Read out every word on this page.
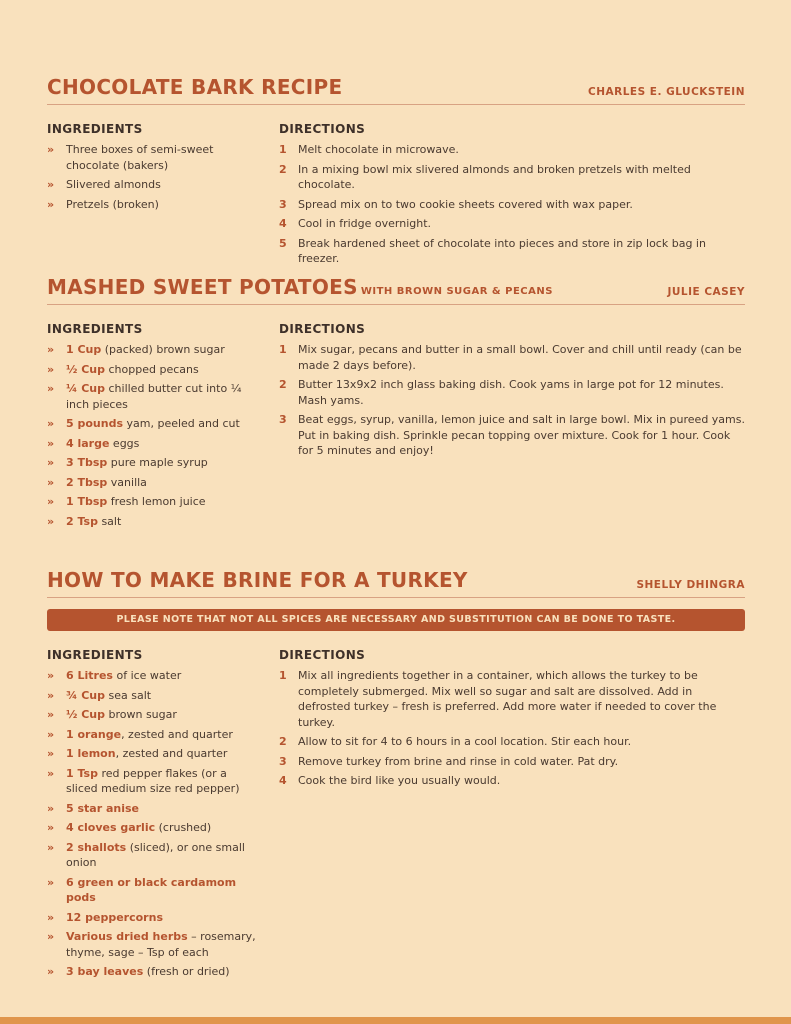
CHOCOLATE BARK RECIPE	CHARLES E. GLUCKSTEIN
INGREDIENTS
» Three boxes of semi-sweet chocolate (bakers)
» Slivered almonds
» Pretzels (broken)
DIRECTIONS
1 Melt chocolate in microwave.
2 In a mixing bowl mix slivered almonds and broken pretzels with melted chocolate.
3 Spread mix on to two cookie sheets covered with wax paper.
4 Cool in fridge overnight.
5 Break hardened sheet of chocolate into pieces and store in zip lock bag in freezer.
MASHED SWEET POTATOES WITH BROWN SUGAR & PECANS	JULIE CASEY
INGREDIENTS
» 1 Cup (packed) brown sugar
» ½ Cup chopped pecans
» ¼ Cup chilled butter cut into ¼ inch pieces
» 5 pounds yam, peeled and cut
» 4 large eggs
» 3 Tbsp pure maple syrup
» 2 Tbsp vanilla
» 1 Tbsp fresh lemon juice
» 2 Tsp salt
DIRECTIONS
1 Mix sugar, pecans and butter in a small bowl. Cover and chill until ready (can be made 2 days before).
2 Butter 13x9x2 inch glass baking dish. Cook yams in large pot for 12 minutes. Mash yams.
3 Beat eggs, syrup, vanilla, lemon juice and salt in large bowl. Mix in pureed yams. Put in baking dish. Sprinkle pecan topping over mixture. Cook for 1 hour. Cook for 5 minutes and enjoy!
HOW TO MAKE BRINE FOR A TURKEY	SHELLY DHINGRA
PLEASE NOTE THAT NOT ALL SPICES ARE NECESSARY AND SUBSTITUTION CAN BE DONE TO TASTE.
INGREDIENTS
» 6 Litres of ice water
» ¾ Cup sea salt
» ½ Cup brown sugar
» 1 orange, zested and quarter
» 1 lemon, zested and quarter
» 1 Tsp red pepper flakes (or a sliced medium size red pepper)
» 5 star anise
» 4 cloves garlic (crushed)
» 2 shallots (sliced), or one small onion
» 6 green or black cardamom pods
» 12 peppercorns
» Various dried herbs – rosemary, thyme, sage – Tsp of each
» 3 bay leaves (fresh or dried)
DIRECTIONS
1 Mix all ingredients together in a container, which allows the turkey to be completely submerged. Mix well so sugar and salt are dissolved. Add in defrosted turkey – fresh is preferred. Add more water if needed to cover the turkey.
2 Allow to sit for 4 to 6 hours in a cool location. Stir each hour.
3 Remove turkey from brine and rinse in cold water. Pat dry.
4 Cook the bird like you usually would.
